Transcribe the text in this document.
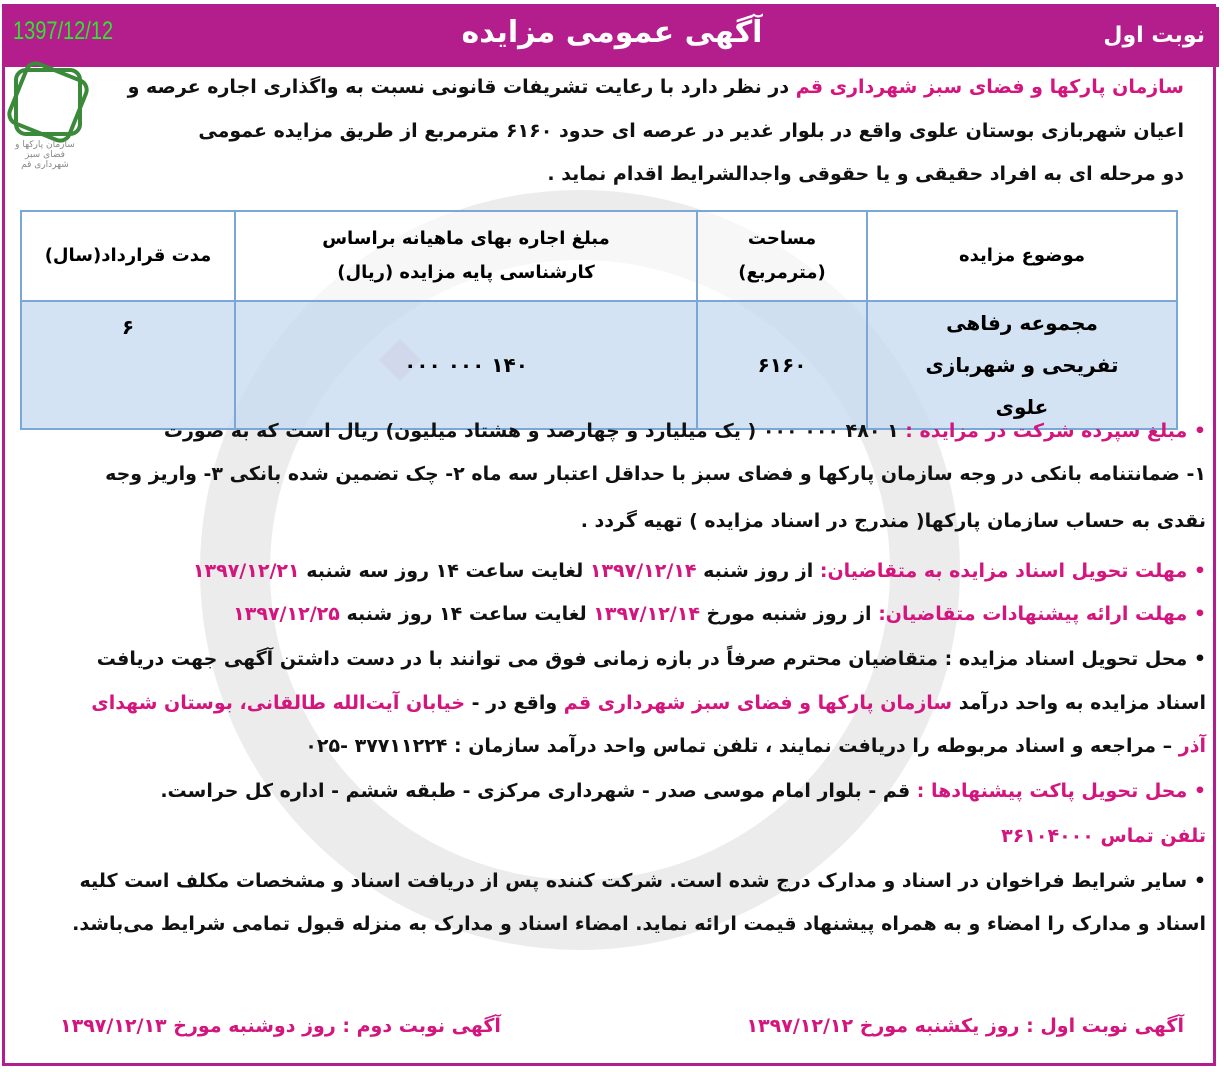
1397/12/12	آگهی عمومی مزایده	نوبت اول
سازمان پارکها و فضای سبز شهرداری قم
سازمان پارکها و فضای سبز شهرداری قم در نظر دارد با رعایت تشریفات قانونی نسبت به واگذاری اجاره عرصه و
اعیان شهربازی بوستان علوی واقع در بلوار غدیر در عرصه ای حدود ۶۱۶۰ مترمربع از طریق مزایده عمومی
دو مرحله ای به افراد حقیقی و یا حقوقی واجدالشرایط اقدام نماید .
موضوع مزایده	مساحت (مترمربع)	مبلغ اجاره بهای ماهیانه براساس کارشناسی پایه مزایده (ریال)	مدت قرارداد(سال)
مجموعه رفاهی تفریحی و شهربازی علوی	۶۱۶۰	۱۴۰ ۰۰۰ ۰۰۰	۶
• مبلغ سپرده شرکت در مزایده : ۱ ۴۸۰ ۰۰۰ ۰۰۰ ( یک میلیارد و چهارصد و هشتاد میلیون) ریال است که به صورت
۱- ضمانتنامه بانکی در وجه سازمان پارکها و فضای سبز با حداقل اعتبار سه ماه ۲- چک تضمین شده بانکی ۳- واریز وجه
نقدی به حساب سازمان پارکها( مندرج در اسناد مزایده ) تهیه گردد .
• مهلت تحویل اسناد مزایده به متقاضیان: از روز شنبه ۱۳۹۷/۱۲/۱۴ لغایت ساعت ۱۴ روز سه شنبه ۱۳۹۷/۱۲/۲۱
• مهلت ارائه پیشنهادات متقاضیان: از روز شنبه مورخ ۱۳۹۷/۱۲/۱۴ لغایت ساعت ۱۴ روز شنبه ۱۳۹۷/۱۲/۲۵
• محل تحویل اسناد مزایده : متقاضیان محترم صرفاً در بازه زمانی فوق می توانند با در دست داشتن آگهی جهت دریافت
اسناد مزایده به واحد درآمد سازمان پارکها و فضای سبز شهرداری قم واقع در - خیابان آیت‌الله طالقانی، بوستان شهدای
آذر – مراجعه و اسناد مربوطه را دریافت نمایند ، تلفن تماس واحد درآمد سازمان : ۳۷۷۱۱۲۲۴ -۰۲۵
• محل تحویل پاکت پیشنهادها : قم - بلوار امام موسی صدر - شهرداری مرکزی - طبقه ششم - اداره کل حراست.
تلفن تماس ۳۶۱۰۴۰۰۰
• سایر شرایط فراخوان در اسناد و مدارک درج شده است. شرکت کننده پس از دریافت اسناد و مشخصات مکلف است کلیه
اسناد و مدارک را امضاء و به همراه پیشنهاد قیمت ارائه نماید. امضاء اسناد و مدارک به منزله قبول تمامی شرایط می‌باشد.
آگهی نوبت اول : روز یکشنبه مورخ ۱۳۹۷/۱۲/۱۲
آگهی نوبت دوم : روز دوشنبه مورخ ۱۳۹۷/۱۲/۱۳
